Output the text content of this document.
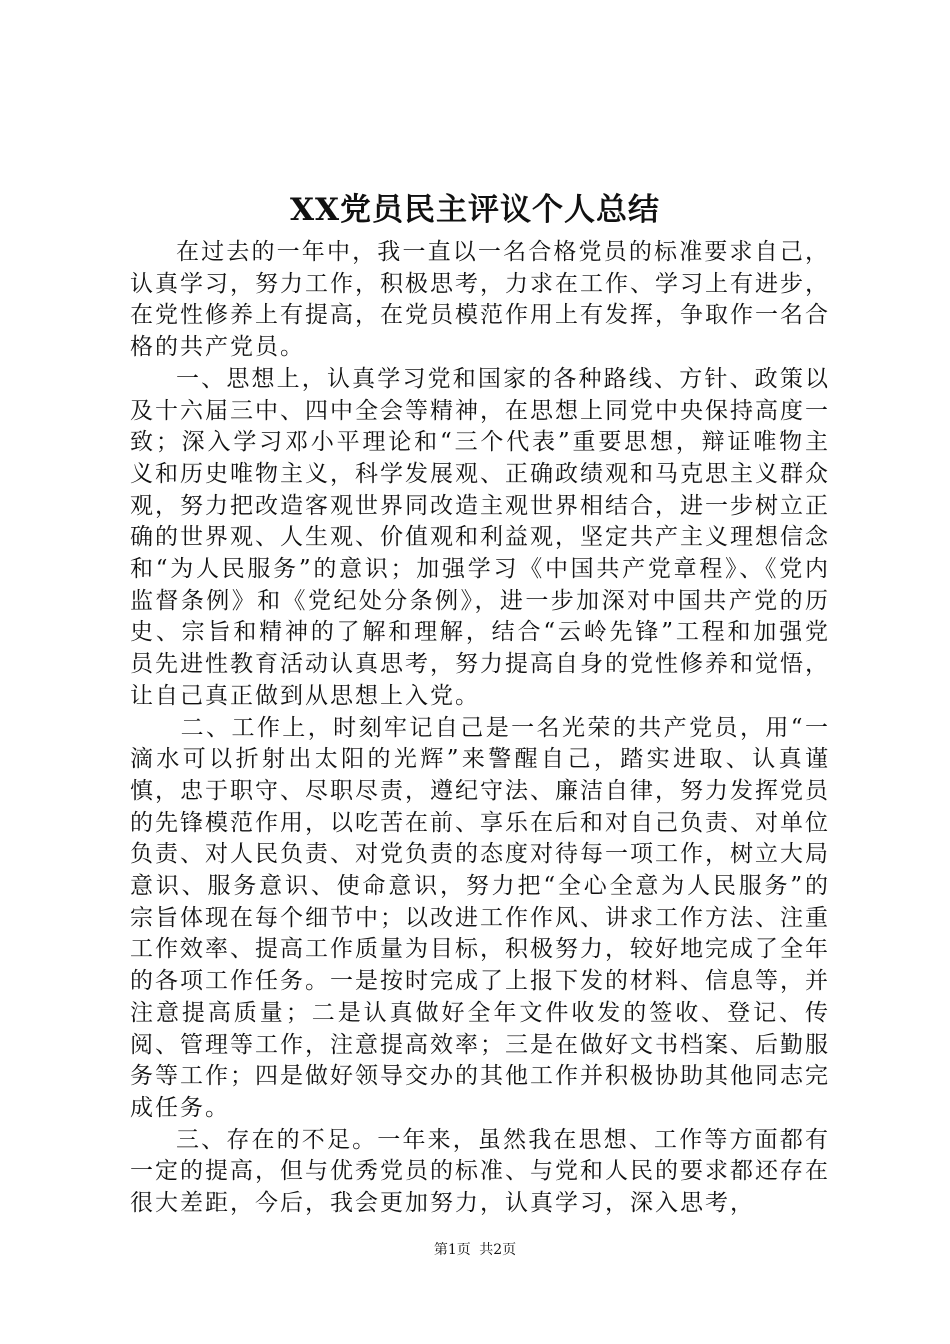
XX党员民主评议个人总结

在过去的一年中，我一直以一名合格党员的标准要求自己，认真学习，努力工作，积极思考，力求在工作、学习上有进步，在党性修养上有提高，在党员模范作用上有发挥，争取作一名合格的共产党员。

一、思想上，认真学习党和国家的各种路线、方针、政策以及十六届三中、四中全会等精神，在思想上同党中央保持高度一致；深入学习邓小平理论和“三个代表”重要思想，辩证唯物主义和历史唯物主义，科学发展观、正确政绩观和马克思主义群众观，努力把改造客观世界同改造主观世界相结合，进一步树立正确的世界观、人生观、价值观和利益观，坚定共产主义理想信念和“为人民服务”的意识；加强学习《中国共产党章程》、《党内监督条例》和《党纪处分条例》，进一步加深对中国共产党的历史、宗旨和精神的了解和理解，结合“云岭先锋”工程和加强党员先进性教育活动认真思考，努力提高自身的党性修养和觉悟，让自己真正做到从思想上入党。

二、工作上，时刻牢记自己是一名光荣的共产党员，用“一滴水可以折射出太阳的光辉”来警醒自己，踏实进取、认真谨慎，忠于职守、尽职尽责，遵纪守法、廉洁自律，努力发挥党员的先锋模范作用，以吃苦在前、享乐在后和对自己负责、对单位负责、对人民负责、对党负责的态度对待每一项工作，树立大局意识、服务意识、使命意识，努力把“全心全意为人民服务”的宗旨体现在每个细节中；以改进工作作风、讲求工作方法、注重工作效率、提高工作质量为目标，积极努力，较好地完成了全年的各项工作任务。一是按时完成了上报下发的材料、信息等，并注意提高质量；二是认真做好全年文件收发的签收、登记、传阅、管理等工作，注意提高效率；三是在做好文书档案、后勤服务等工作；四是做好领导交办的其他工作并积极协助其他同志完成任务。

三、存在的不足。一年来，虽然我在思想、工作等方面都有一定的提高，但与优秀党员的标准、与党和人民的要求都还存在很大差距，今后，我会更加努力，认真学习，深入思考，

第1页 共2页
